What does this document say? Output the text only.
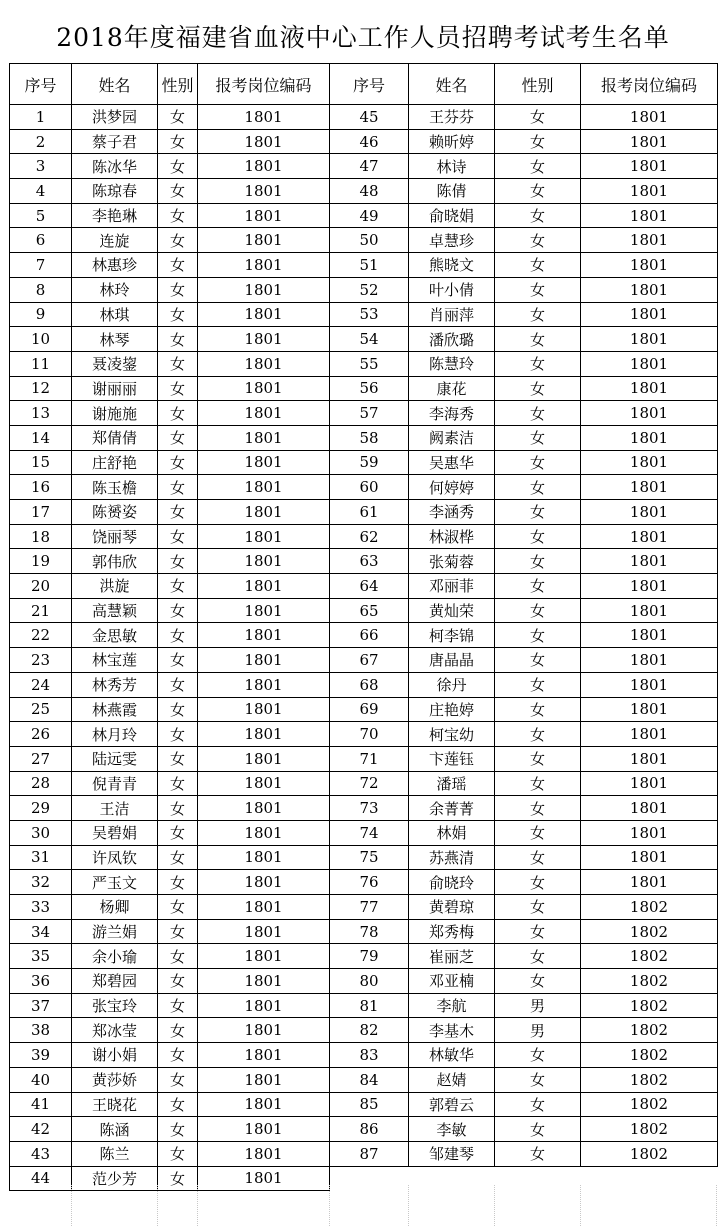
2018年度福建省血液中心工作人员招聘考试考生名单
序号	姓名	性别	报考岗位编码	序号	姓名	性别	报考岗位编码
1	洪梦园	女	1801	45	王芬芬	女	1801
2	蔡子君	女	1801	46	赖昕婷	女	1801
3	陈冰华	女	1801	47	林诗	女	1801
4	陈琼春	女	1801	48	陈倩	女	1801
5	李艳琳	女	1801	49	俞晓娟	女	1801
6	连旋	女	1801	50	卓慧珍	女	1801
7	林惠珍	女	1801	51	熊晓文	女	1801
8	林玲	女	1801	52	叶小倩	女	1801
9	林琪	女	1801	53	肖丽萍	女	1801
10	林琴	女	1801	54	潘欣璐	女	1801
11	聂凌鋆	女	1801	55	陈慧玲	女	1801
12	谢丽丽	女	1801	56	康花	女	1801
13	谢施施	女	1801	57	李海秀	女	1801
14	郑倩倩	女	1801	58	阙素洁	女	1801
15	庄舒艳	女	1801	59	吴惠华	女	1801
16	陈玉檐	女	1801	60	何婷婷	女	1801
17	陈赟姿	女	1801	61	李涵秀	女	1801
18	饶丽琴	女	1801	62	林淑桦	女	1801
19	郭伟欣	女	1801	63	张菊蓉	女	1801
20	洪旋	女	1801	64	邓丽菲	女	1801
21	高慧颖	女	1801	65	黄灿荣	女	1801
22	金思敏	女	1801	66	柯李锦	女	1801
23	林宝莲	女	1801	67	唐晶晶	女	1801
24	林秀芳	女	1801	68	徐丹	女	1801
25	林燕霞	女	1801	69	庄艳婷	女	1801
26	林月玲	女	1801	70	柯宝幼	女	1801
27	陆远雯	女	1801	71	卞莲钰	女	1801
28	倪青青	女	1801	72	潘瑶	女	1801
29	王洁	女	1801	73	余菁菁	女	1801
30	吴碧娟	女	1801	74	林娟	女	1801
31	许凤钦	女	1801	75	苏燕清	女	1801
32	严玉文	女	1801	76	俞晓玲	女	1801
33	杨卿	女	1801	77	黄碧琼	女	1802
34	游兰娟	女	1801	78	郑秀梅	女	1802
35	余小瑜	女	1801	79	崔丽芝	女	1802
36	郑碧园	女	1801	80	邓亚楠	女	1802
37	张宝玲	女	1801	81	李航	男	1802
38	郑冰莹	女	1801	82	李基木	男	1802
39	谢小娟	女	1801	83	林敏华	女	1802
40	黄莎娇	女	1801	84	赵婧	女	1802
41	王晓花	女	1801	85	郭碧云	女	1802
42	陈涵	女	1801	86	李敏	女	1802
43	陈兰	女	1801	87	邹建琴	女	1802
44	范少芳	女	1801				
